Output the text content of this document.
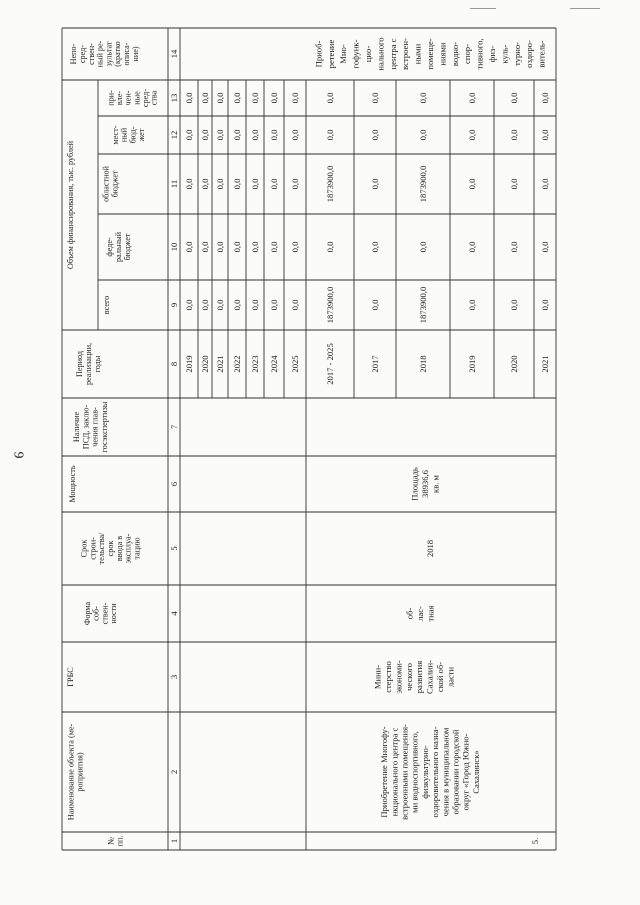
9
№пп.
Наименование объекта (ме-роприятия)
ГРБС
Формасоб-ствен-ности
Срокстрои-тельства/срокввода вэксплуа-тацию
Мощность
НаличиеПСД, заклю-чения глав-госэкспертизы
Периодреализации,годы
Объем финансирования, тыс. рублей
всего
феде-ральныйбюджет
областнойбюджет
мест-ныйбюд-жет
при-вле-чен-ныесред-ства
Непо-сред-ствен-ный ре-зультат(краткоописа-ние)
1
2
3
4
5
6
7
8
9
10
11
12
13
14
2019
0,0
0,0
0,0
0,0
0,0
2020
0,0
0,0
0,0
0,0
0,0
2021
0,0
0,0
0,0
0,0
0,0
2022
0,0
0,0
0,0
0,0
0,0
2023
0,0
0,0
0,0
0,0
0,0
2024
0,0
0,0
0,0
0,0
0,0
2025
0,0
0,0
0,0
0,0
0,0
5.
Приобретение Многофу-нкционального центра свстроенными помещения-ми водноспортивного,физкультурно-оздоровительного назна-чения в муниципальномобразовании городскойокруг «Город Южно-Сахалинск»
Мини-стерствоэкономи-ческогоразвитияСахалин-ской об-ласти
об-лас-тная
2018
Площадь38936,6кв. м
Приоб- ретение Мно- гофунк- цио- нального центра с встроен- ными помеще- ниями водно- спор- тивного, физ- куль- турно- оздоро- витель-
2017 - 2025
1873900,0
0,0
1873900,0
0,0
0,0
2017
0,0
0,0
0,0
0,0
0,0
2018
1873900,0
0,0
1873900,0
0,0
0,0
2019
0,0
0,0
0,0
0,0
0,0
2020
0,0
0,0
0,0
0,0
0,0
2021
0,0
0,0
0,0
0,0
0,0
